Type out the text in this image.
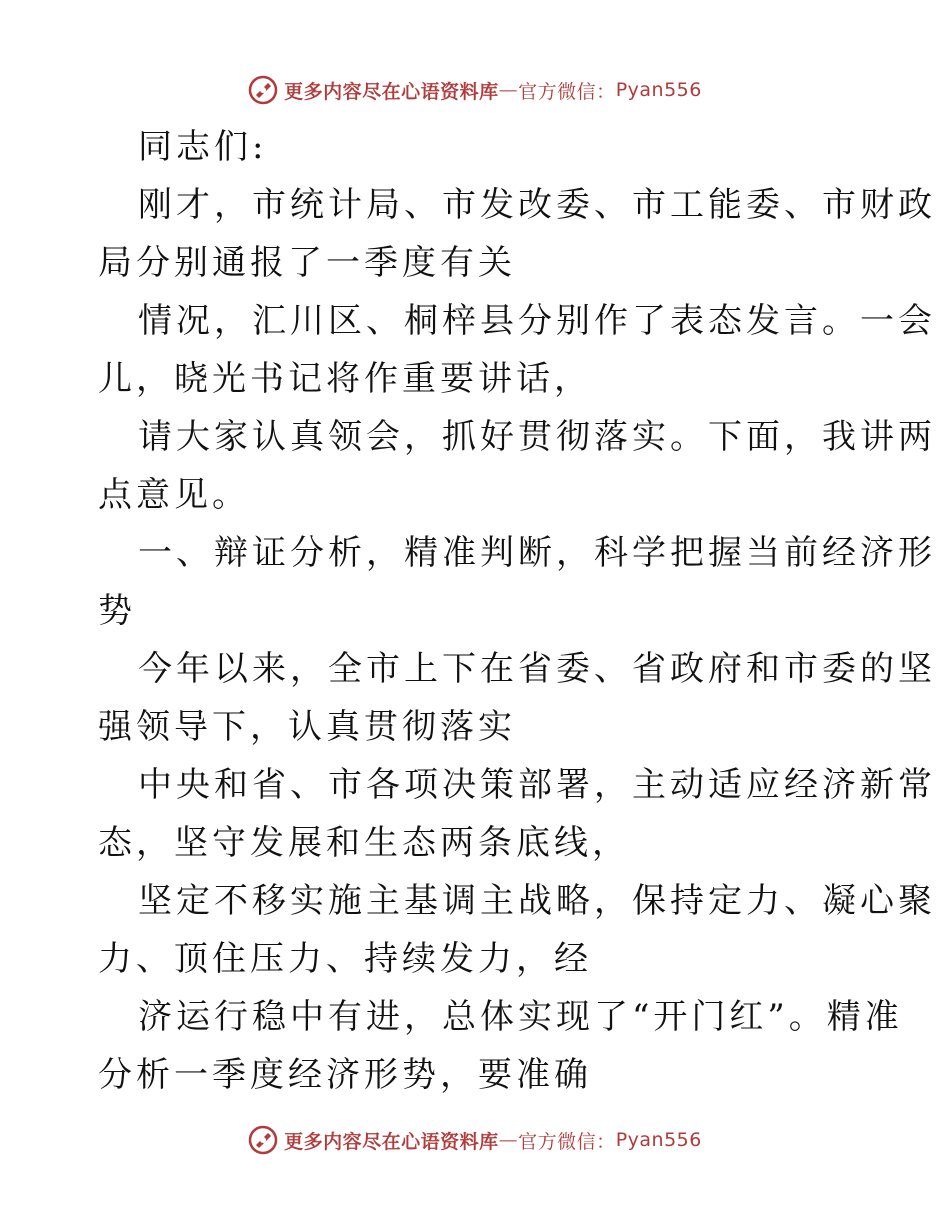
更多内容尽在心语资料库 — 官方微信： Pyan556
同志们:
刚才，市统计局、市发改委、市工能委、市财政
局分别通报了一季度有关
情况，汇川区、桐梓县分别作了表态发言。一会
儿，晓光书记将作重要讲话，
请大家认真领会，抓好贯彻落实。下面，我讲两
点意见。
一、辩证分析，精准判断，科学把握当前经济形
势
今年以来，全市上下在省委、省政府和市委的坚
强领导下，认真贯彻落实
中央和省、市各项决策部署，主动适应经济新常
态，坚守发展和生态两条底线，
坚定不移实施主基调主战略，保持定力、凝心聚
力、顶住压力、持续发力，经
济运行稳中有进，总体实现了“开门红”。精准
分析一季度经济形势，要准确
更多内容尽在心语资料库 — 官方微信： Pyan556
